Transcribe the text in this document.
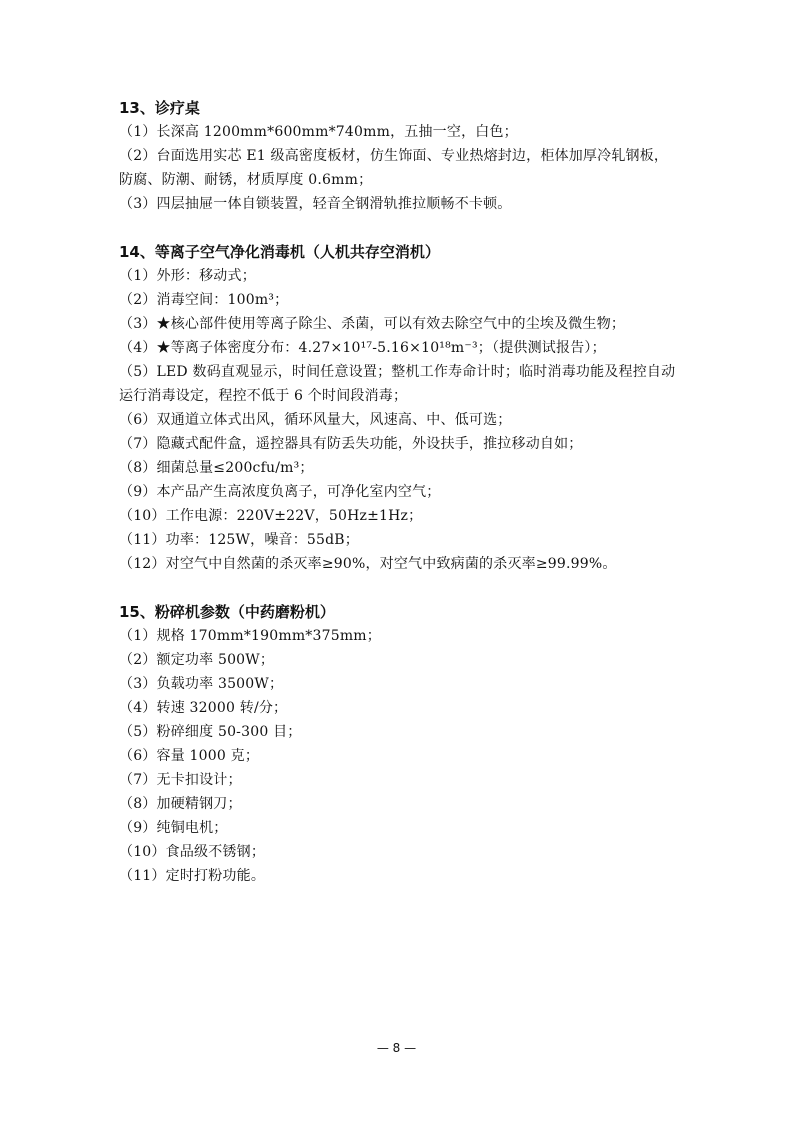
13、诊疗桌

（1）长深高 1200mm*600mm*740mm，五抽一空，白色；

（2）台面选用实芯 E1 级高密度板材，仿生饰面、专业热熔封边，柜体加厚冷轧钢板，防腐、防潮、耐锈，材质厚度 0.6mm；

（3）四层抽屉一体自锁装置，轻音全钢滑轨推拉顺畅不卡顿。

14、等离子空气净化消毒机（人机共存空消机）

（1）外形：移动式；

（2）消毒空间：100m³；

（3）★核心部件使用等离子除尘、杀菌，可以有效去除空气中的尘埃及微生物；

（4）★等离子体密度分布：4.27×10¹⁷-5.16×10¹⁸m⁻³；（提供测试报告）；

（5）LED 数码直观显示，时间任意设置；整机工作寿命计时；临时消毒功能及程控自动运行消毒设定，程控不低于 6 个时间段消毒；

（6）双通道立体式出风，循环风量大，风速高、中、低可选；

（7）隐藏式配件盒，遥控器具有防丢失功能，外设扶手，推拉移动自如；

（8）细菌总量≤200cfu/m³；

（9）本产品产生高浓度负离子，可净化室内空气；

（10）工作电源：220V±22V，50Hz±1Hz；

（11）功率：125W，噪音：55dB；

（12）对空气中自然菌的杀灭率≥90%，对空气中致病菌的杀灭率≥99.99%。

15、粉碎机参数（中药磨粉机）

（1）规格 170mm*190mm*375mm；

（2）额定功率 500W；

（3）负载功率 3500W；

（4）转速 32000 转/分；

（5）粉碎细度 50-300 目；

（6）容量 1000 克；

（7）无卡扣设计；

（8）加硬精钢刀；

（9）纯铜电机；

（10）食品级不锈钢；

（11）定时打粉功能。

— 8 —
